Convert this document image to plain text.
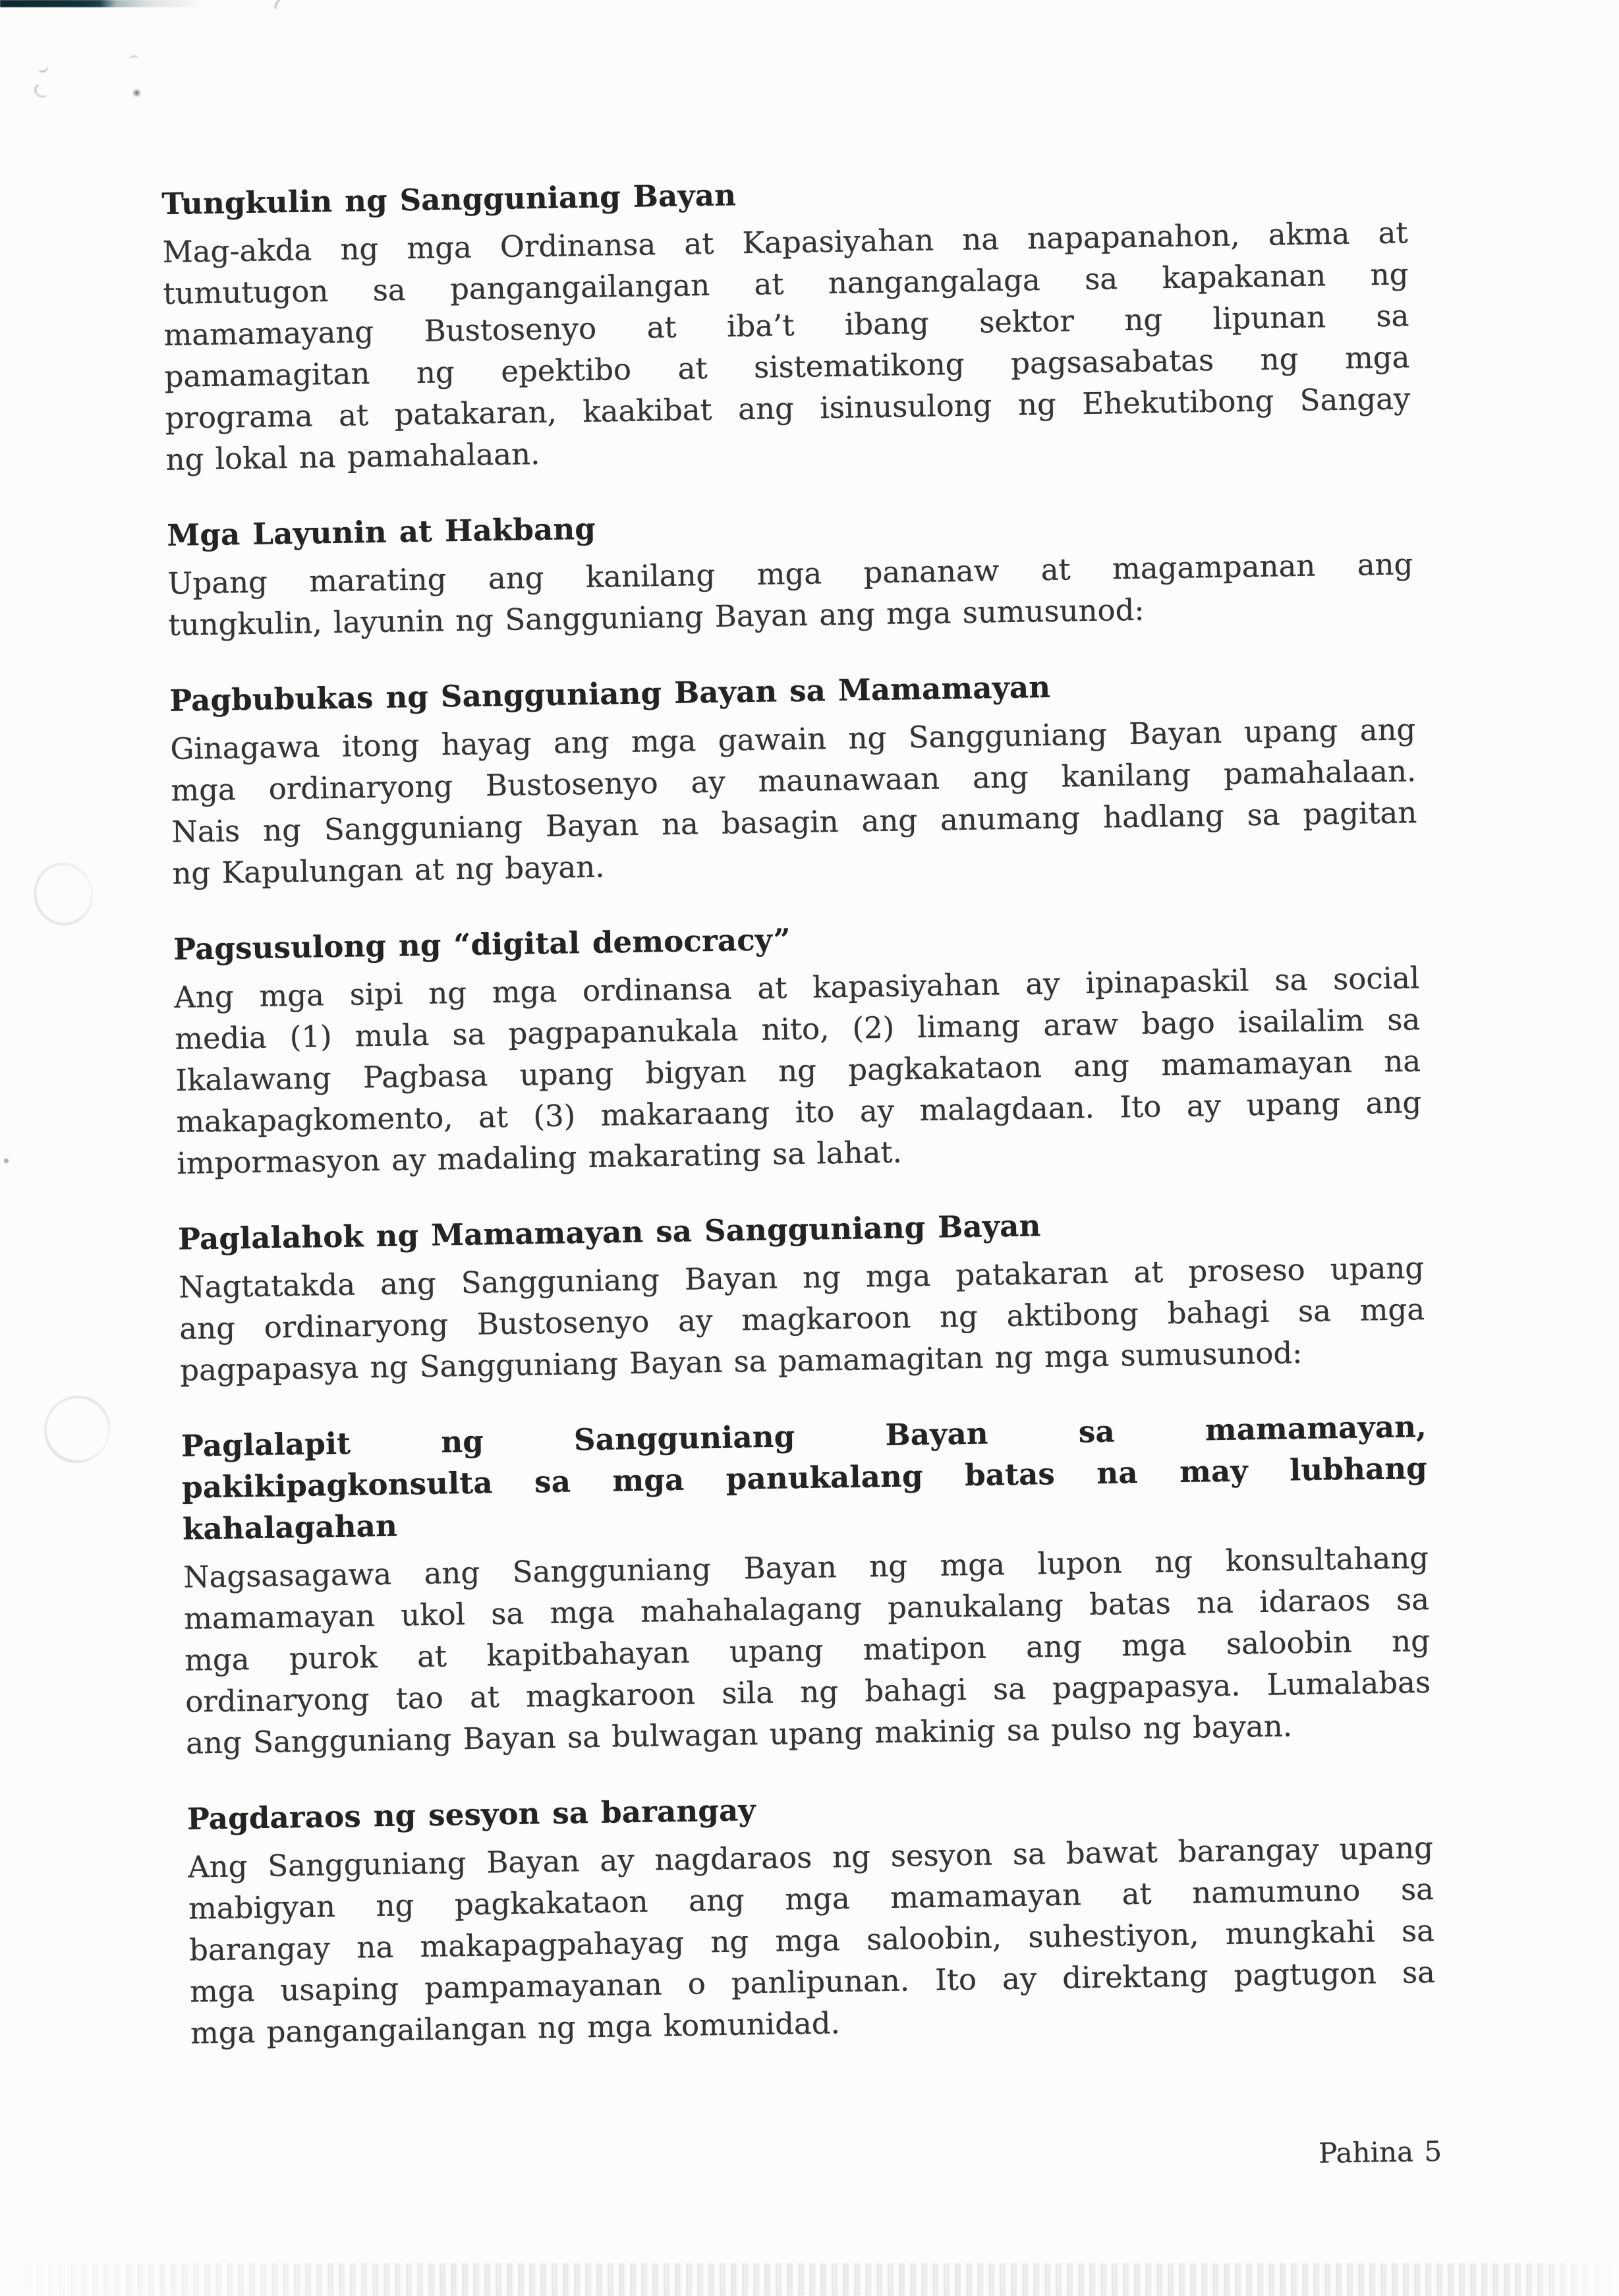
Tungkulin ng Sangguniang Bayan
Mag-akda ng mga Ordinansa at Kapasiyahan na napapanahon, akma at
tumutugon sa pangangailangan at nangangalaga sa kapakanan ng
mamamayang Bustosenyo at iba’t ibang sektor ng lipunan sa
pamamagitan ng epektibo at sistematikong pagsasabatas ng mga
programa at patakaran, kaakibat ang isinusulong ng Ehekutibong Sangay
ng lokal na pamahalaan.
Mga Layunin at Hakbang
Upang marating ang kanilang mga pananaw at magampanan ang
tungkulin, layunin ng Sangguniang Bayan ang mga sumusunod:
Pagbubukas ng Sangguniang Bayan sa Mamamayan
Ginagawa itong hayag ang mga gawain ng Sangguniang Bayan upang ang
mga ordinaryong Bustosenyo ay maunawaan ang kanilang pamahalaan.
Nais ng Sangguniang Bayan na basagin ang anumang hadlang sa pagitan
ng Kapulungan at ng bayan.
Pagsusulong ng “digital democracy”
Ang mga sipi ng mga ordinansa at kapasiyahan ay ipinapaskil sa social
media (1) mula sa pagpapanukala nito, (2) limang araw bago isailalim sa
Ikalawang Pagbasa upang bigyan ng pagkakataon ang mamamayan na
makapagkomento, at (3) makaraang ito ay malagdaan. Ito ay upang ang
impormasyon ay madaling makarating sa lahat.
Paglalahok ng Mamamayan sa Sangguniang Bayan
Nagtatakda ang Sangguniang Bayan ng mga patakaran at proseso upang
ang ordinaryong Bustosenyo ay magkaroon ng aktibong bahagi sa mga
pagpapasya ng Sangguniang Bayan sa pamamagitan ng mga sumusunod:
Paglalapit ng Sangguniang Bayan sa mamamayan,
pakikipagkonsulta sa mga panukalang batas na may lubhang
kahalagahan
Nagsasagawa ang Sangguniang Bayan ng mga lupon ng konsultahang
mamamayan ukol sa mga mahahalagang panukalang batas na idaraos sa
mga purok at kapitbahayan upang matipon ang mga saloobin ng
ordinaryong tao at magkaroon sila ng bahagi sa pagpapasya. Lumalabas
ang Sangguniang Bayan sa bulwagan upang makinig sa pulso ng bayan.
Pagdaraos ng sesyon sa barangay
Ang Sangguniang Bayan ay nagdaraos ng sesyon sa bawat barangay upang
mabigyan ng pagkakataon ang mga mamamayan at namumuno sa
barangay na makapagpahayag ng mga saloobin, suhestiyon, mungkahi sa
mga usaping pampamayanan o panlipunan. Ito ay direktang pagtugon sa
mga pangangailangan ng mga komunidad.
Pahina 5
